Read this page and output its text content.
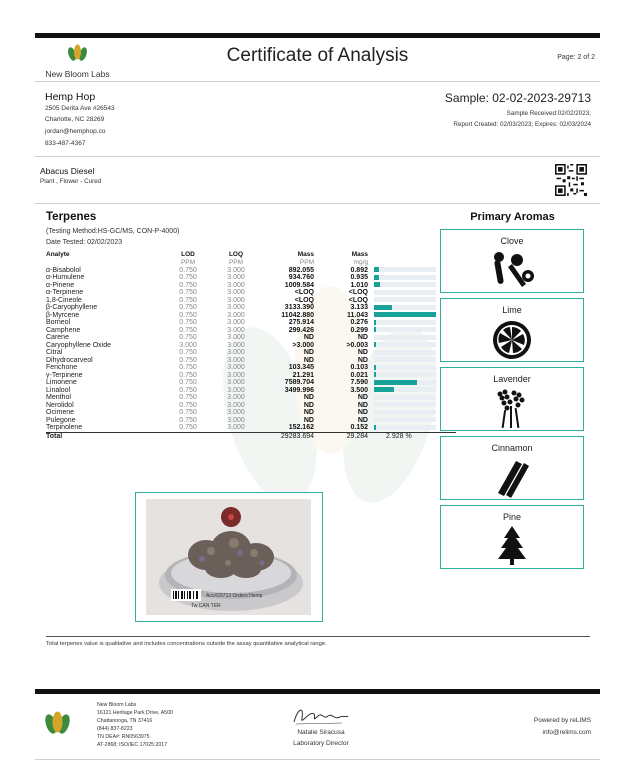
New Bloom Labs
Certificate of Analysis	Page: 2 of 2
Hemp Hop
2505 Derita Ave #26543
Charlotte, NC 28269
jordan@hemphop.co
833-487-4367
Sample: 02-02-2023-29713
Sample Received:02/02/2023;
Report Created: 02/03/2023; Expires: 02/03/2024
Abacus Diesel
Plant , Flower - Cured
Terpenes
(Testing Method:HS-GC/MS, CON-P-4000)
Date Tested: 02/02/2023
Analyte	LOD	LOQ	Mass	Mass	
	PPM	PPM	PPM	mg/g	
α-Bisabolol	0.750	3.000	892.055	0.892	

α-Humulene	0.750	3.000	934.760	0.935	

α-Pinene	0.750	3.000	1009.584	1.010	

α-Terpinene	0.750	3.000	<LOQ	<LOQ	
1,8-Cineole	0.750	3.000	<LOQ	<LOQ	
β-Caryophyllene	0.750	3.000	3133.390	3.133	

β-Myrcene	0.750	3.000	11042.880	11.043	

Borneol	0.750	3.000	275.914	0.276	

Camphene	0.750	3.000	299.426	0.299	

Carene	0.750	3.000	ND	ND	
Caryophyllene Oxide	3.000	3.000	>3.000	>0.003	

Citral	0.750	3.000	ND	ND	
Dihydrocarveol	0.750	3.000	ND	ND	
Fenchone	0.750	3.000	103.345	0.103	

γ-Terpinene	0.750	3.000	21.291	0.021	

Limonene	0.750	3.000	7589.704	7.590	

Linalool	0.750	3.000	3499.996	3.500	

Menthol	0.750	3.000	ND	ND	
Nerolidol	0.750	3.000	ND	ND	
Ocimene	0.750	3.000	ND	ND	
Pulegone	0.750	3.000	ND	ND	
Terpinolene	0.750	3.000	152.162	0.152	

Total			29283.694	29.284	2.928 %
Primary Aromas
Clove
Lime
Lavender
Cinnamon
Pine
Acc#29713 Orders Hemp
Tw CAN TER
Total terpenes value is qualitative and includes concentrations outside the assay quantitative analytical range.
New Bloom Labs
16121 Heritage Park Drive, A500
Chattanooga, TN 37416
(844) 837-8223
TN DEA#: RN0563975
AT-2868; ISO/IEC 17025:2017
Natalie Siracusa
Laboratory Director
Powered by reLIMS
info@relims.com
